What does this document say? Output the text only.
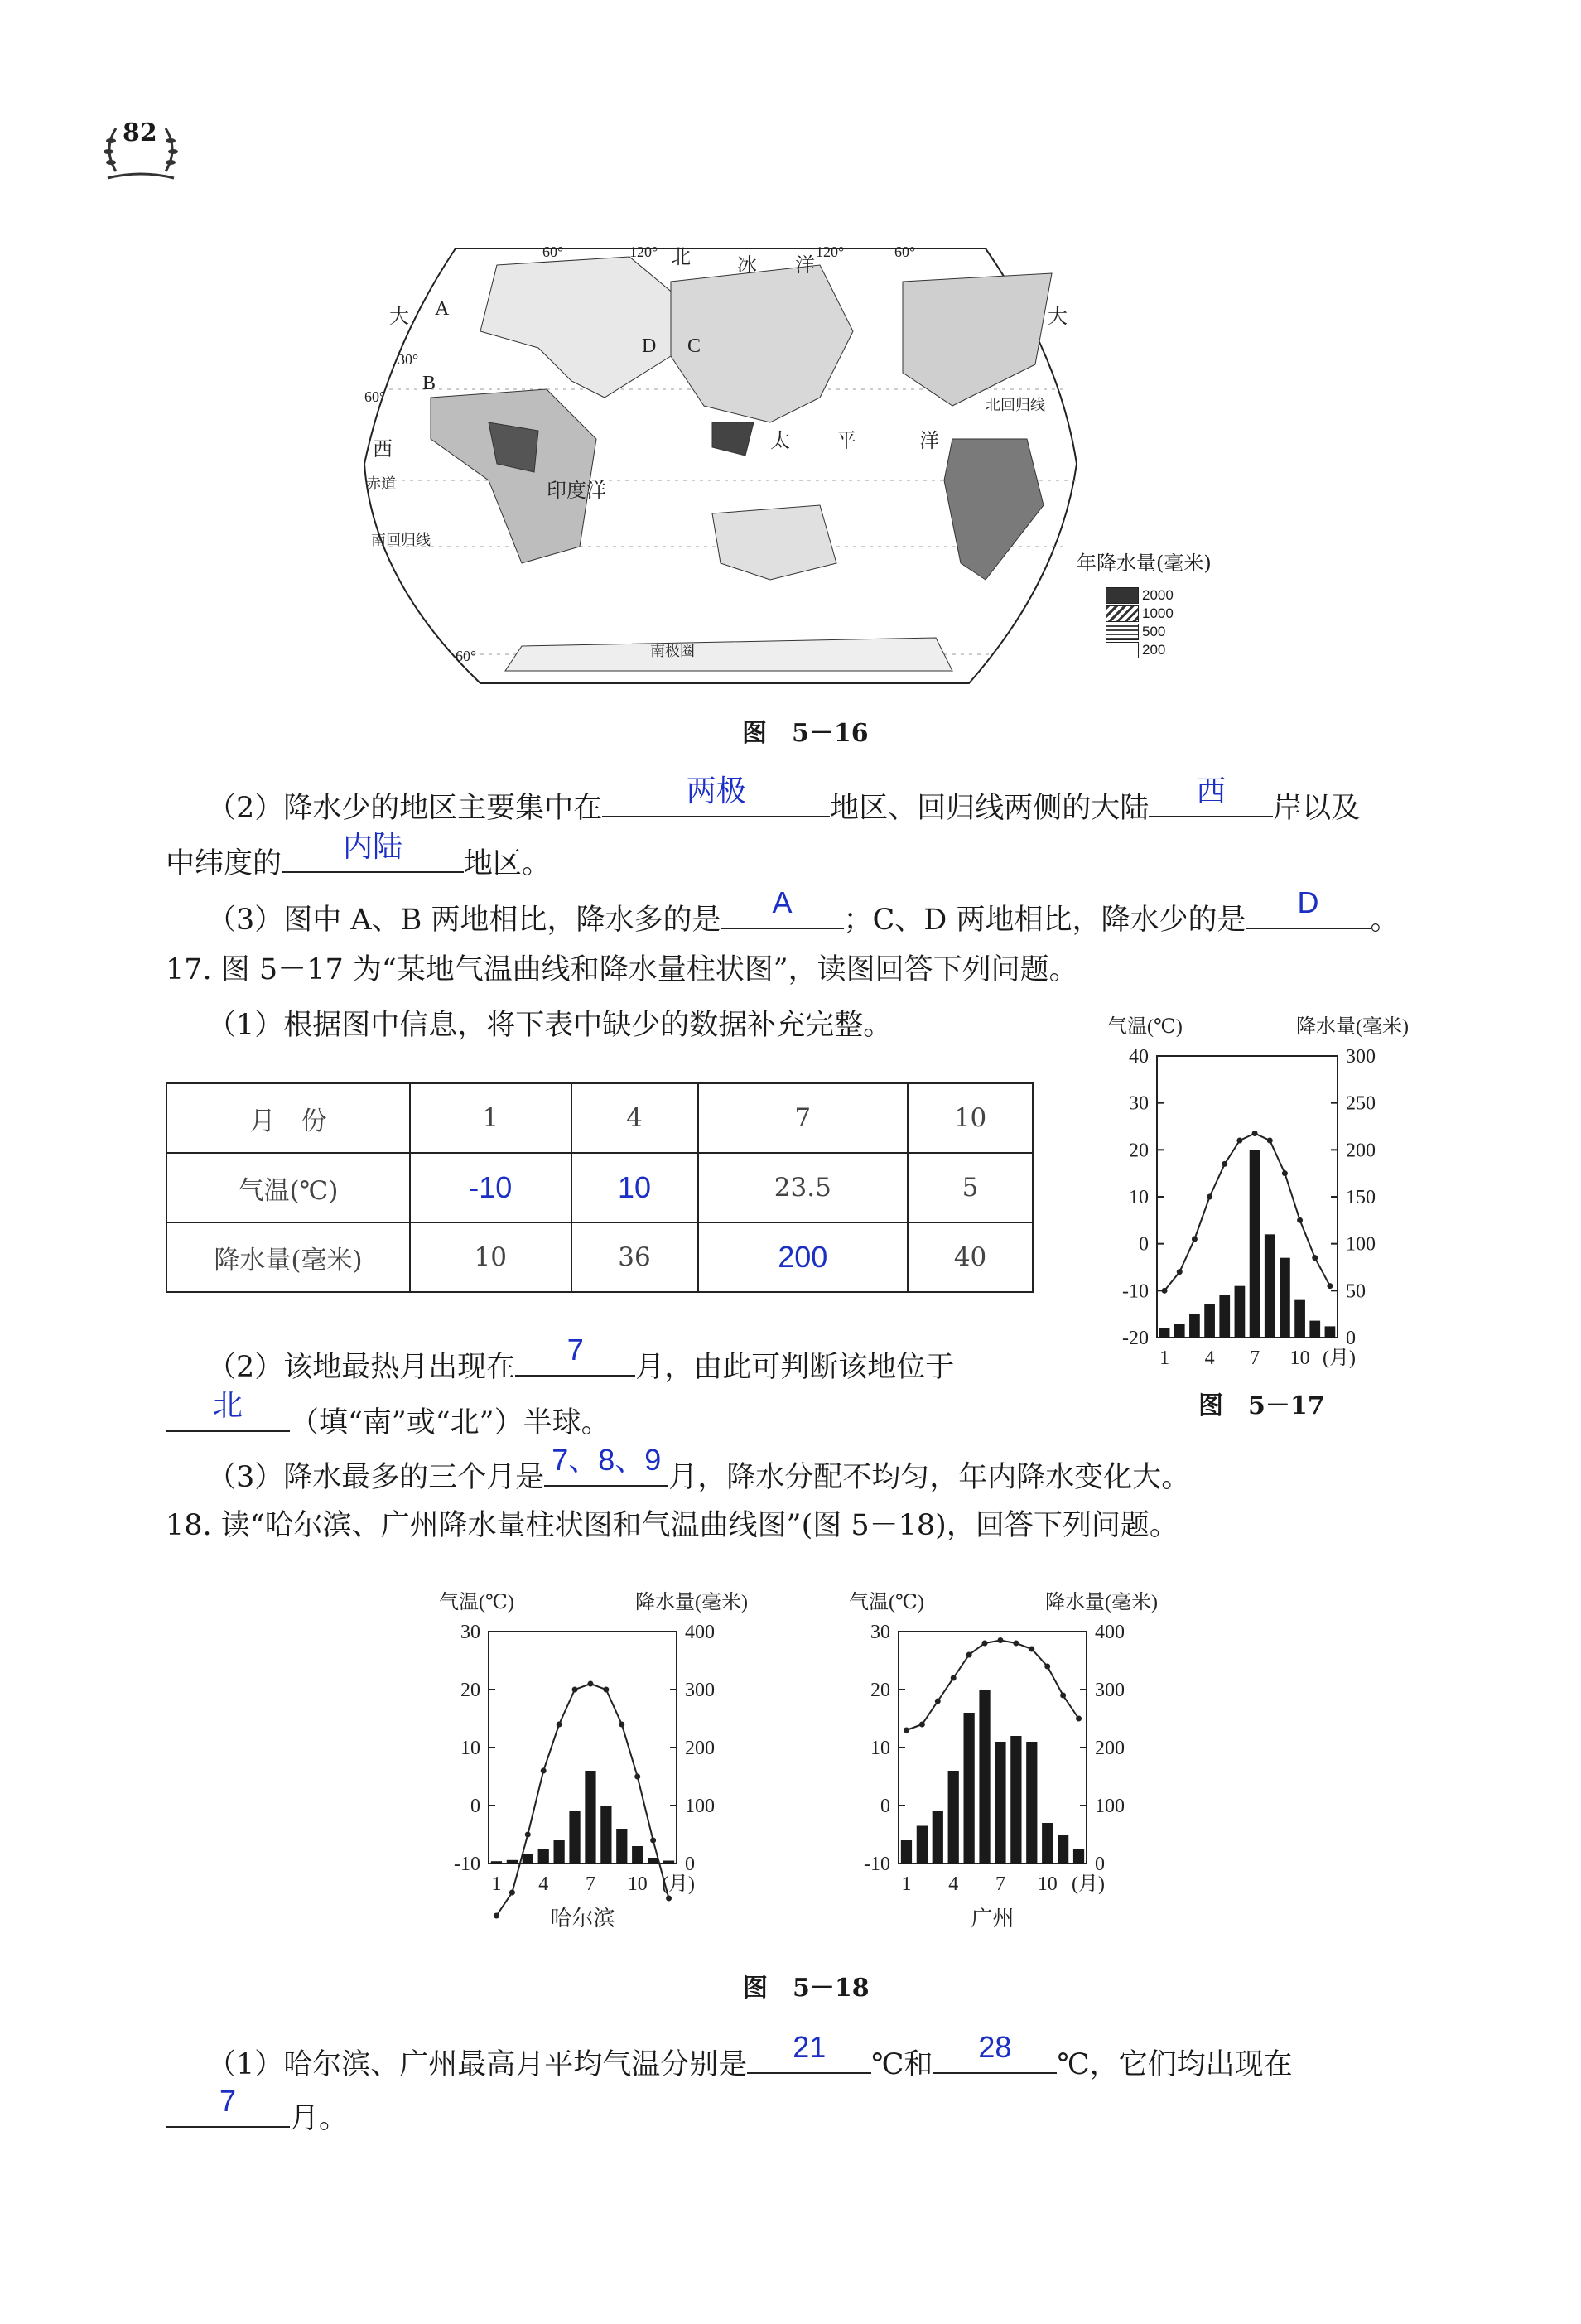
82
北 冰 洋
太 平	洋
印度洋
大	大
西
赤道
南回归线
北回归线
南极圈
30°
60°
60°
60°	120°	120°	60°
A
B
C
D
年降水量(毫米)
2000
1000
500
200
图　5－16
（2）降水少的地区主要集中在
两极
地区、回归线两侧的大陆
西
岸以及
中纬度的
内陆
地区。
（3）图中 A、B 两地相比，降水多的是
A
；C、D 两地相比，降水少的是
D
。
17. 图 5－17 为“某地气温曲线和降水量柱状图”，读图回答下列问题。
（1）根据图中信息，将下表中缺少的数据补充完整。
月　份	1	4	7	10
气温(℃)	-10	10	23.5	5
降水量(毫米)	10	36	200	40
气温(℃)	降水量(毫米)
40
30
20
10
0
-10
-20
300
250
200
150
100
50
0
1 4 7 10 (月)
图　5－17
（2）该地最热月出现在
7
月，由此可判断该地位于
北
（填“南”或“北”）半球。
（3）降水最多的三个月是
7、8、9
月，降水分配不均匀，年内降水变化大。
18. 读“哈尔滨、广州降水量柱状图和气温曲线图”(图 5－18)，回答下列问题。
气温(℃)	降水量(毫米)
30
20
10
0
-10
400
300
200
100
0
1 4 7 10 (月)
哈尔滨
气温(℃)	降水量(毫米)
30
20
10
0
-10
400
300
200
100
0
1 4 7 10 (月)
广州
图　5－18
（1）哈尔滨、广州最高月平均气温分别是
21
℃和
28
℃，它们均出现在
7
月。
